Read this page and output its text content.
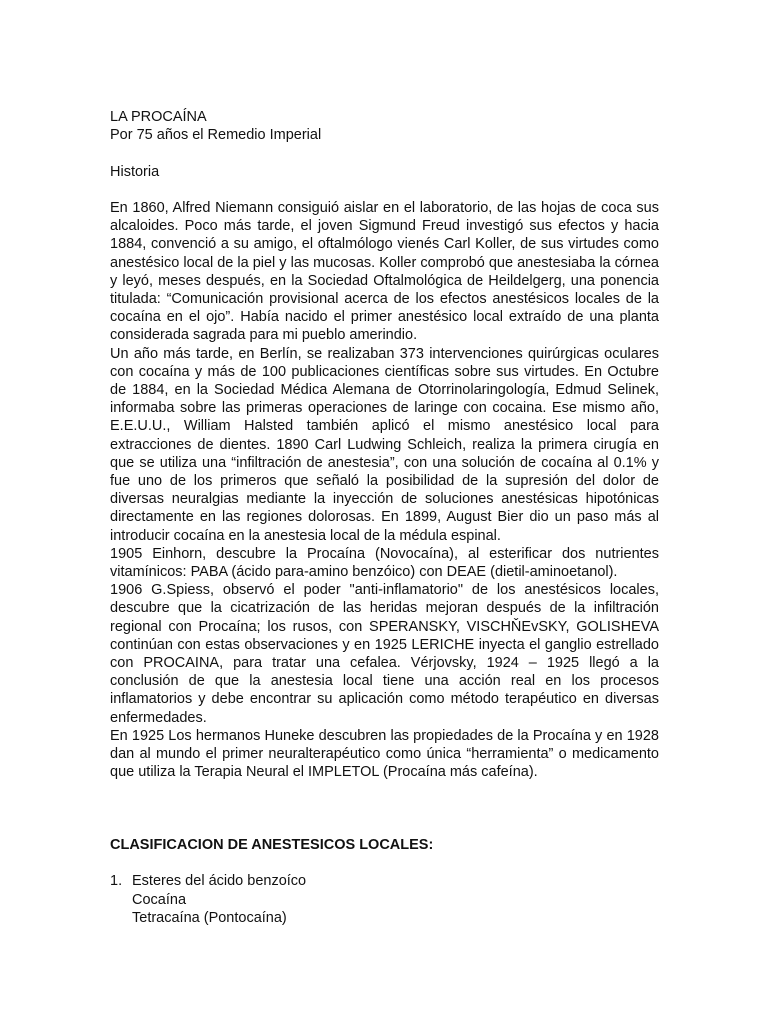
LA PROCAÍNA
Por 75 años el Remedio Imperial
Historia

En 1860, Alfred Niemann consiguió aislar en el laboratorio, de las hojas de coca sus alcaloides. Poco más tarde, el joven Sigmund Freud investigó sus efectos y hacia 1884, convenció a su amigo, el oftalmólogo vienés Carl Koller, de sus virtudes como anestésico local de la piel y las mucosas. Koller comprobó que anestesiaba la córnea y leyó, meses después, en la Sociedad Oftalmológica de Heildelgerg, una ponencia titulada: “Comunicación provisional acerca de los efectos anestésicos locales de la cocaína en el ojo”. Había nacido el primer anestésico local extraído de una planta considerada sagrada para mi pueblo amerindio.

Un año más tarde, en Berlín, se realizaban 373 intervenciones quirúrgicas oculares con cocaína y más de 100 publicaciones científicas sobre sus virtudes. En Octubre de 1884, en la Sociedad Médica Alemana de Otorrinolaringología, Edmud Selinek, informaba sobre las primeras operaciones de laringe con cocaina. Ese mismo año, E.E.U.U., William Halsted también aplicó el mismo anestésico local para extracciones de dientes. 1890 Carl Ludwing Schleich, realiza la primera cirugía en que se utiliza una “infiltración de anestesia”, con una solución de cocaína al 0.1% y fue uno de los primeros que señaló la posibilidad de la supresión del dolor de diversas neuralgias mediante la inyección de soluciones anestésicas hipotónicas directamente en las regiones dolorosas. En 1899, August Bier dio un paso más al introducir cocaína en la anestesia local de la médula espinal.

1905 Einhorn, descubre la Procaína (Novocaína), al esterificar dos nutrientes vitamínicos: PABA (ácido para-amino benzóico) con DEAE (dietil-aminoetanol).

1906 G.Spiess, observó el poder "anti-inflamatorio" de los anestésicos locales, descubre que la cicatrización de las heridas mejoran después de la infiltración regional con Procaína; los rusos, con SPERANSKY, VISCHŇEvSKY, GOLISHEVA continúan con estas observaciones y en 1925 LERICHE inyecta el ganglio estrellado con PROCAINA, para tratar una cefalea. Vérjovsky, 1924 – 1925 llegó a la conclusión de que la anestesia local tiene una acción real en los procesos inflamatorios y debe encontrar su aplicación como método terapéutico en diversas enfermedades.

En 1925 Los hermanos Huneke descubren las propiedades de la Procaína y en 1928 dan al mundo el primer neuralterapéutico como única “herramienta” o medicamento que utiliza la Terapia Neural el IMPLETOL (Procaína más cafeína).

CLASIFICACION DE ANESTESICOS LOCALES:
1. Esteres del ácido benzoíco
Cocaína
Tetracaína (Pontocaína)
